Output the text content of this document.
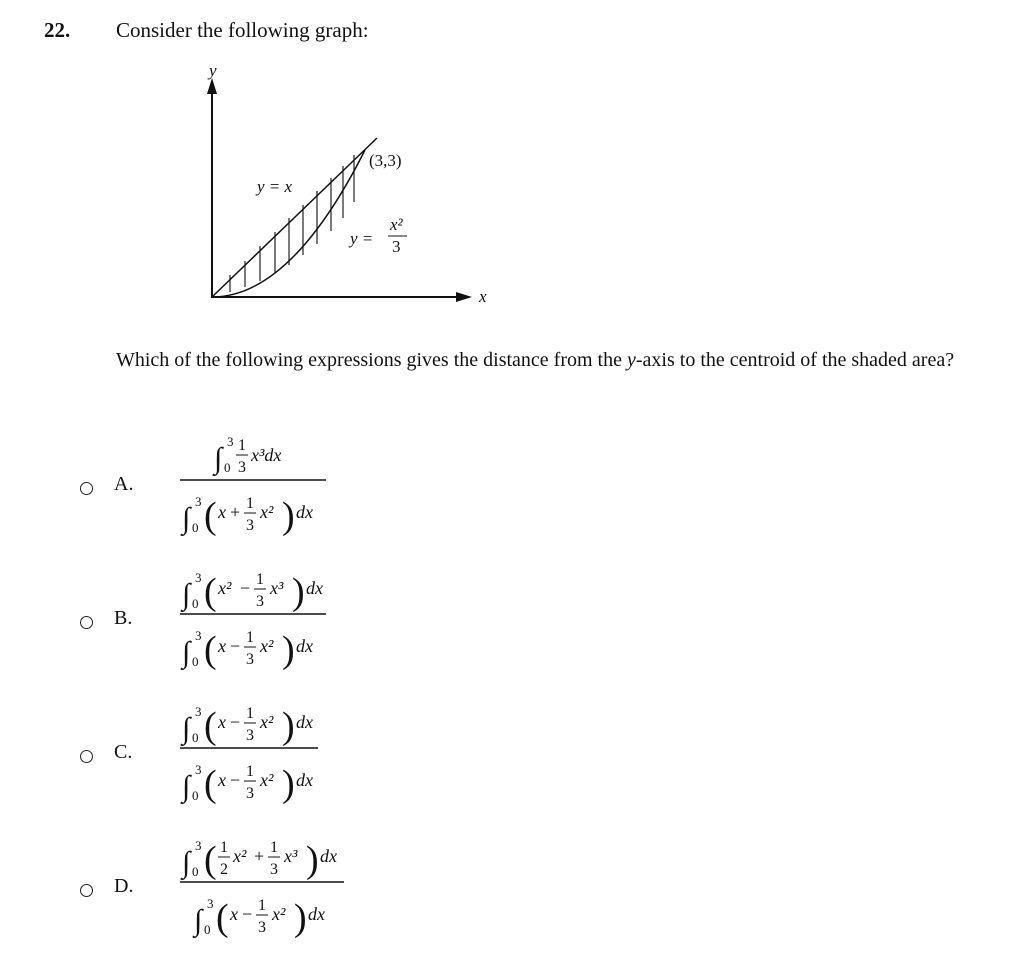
22. Consider the following graph:
y
x
(3,3)
y = x
y =
x²
3
Which of the following expressions gives the distance from the y-axis to the centroid of the shaded area?
A.
∫
3
0
1
3
x³dx
∫
3
0 ( x + 1
3
x² ) dx
B.
∫
3
0 ( x² − 1
3
x³ ) dx
∫
3
0 ( x − 1
3
x² ) dx
C.
∫
3
0 ( x − 1
3
x² ) dx
∫
3
0 ( x − 1
3
x² ) dx
D.
∫
3
0 ( 1
2
x² + 1
3
x³ ) dx
∫
3
0 ( x − 1
3
x² ) dx
